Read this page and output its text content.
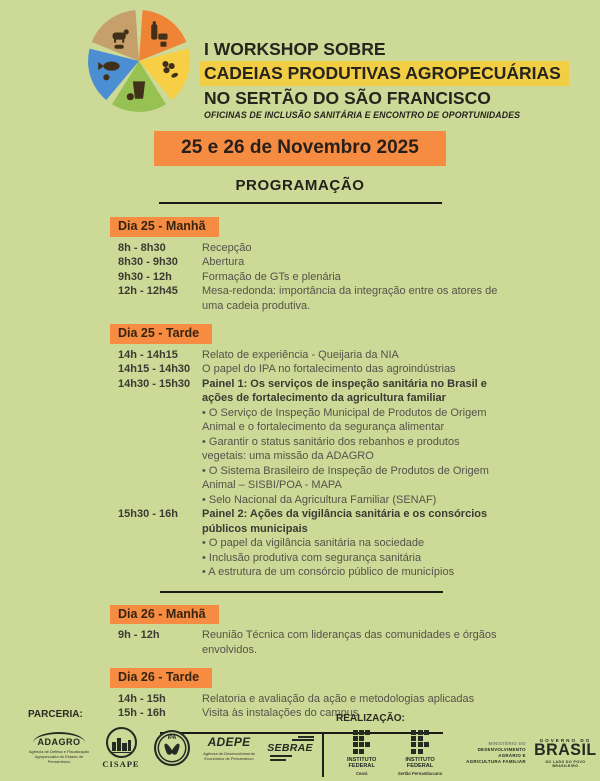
I WORKSHOP SOBRE
CADEIAS PRODUTIVAS AGROPECUÁRIAS
NO SERTÃO DO SÃO FRANCISCO
OFICINAS DE INCLUSÃO SANITÁRIA E ENCONTRO DE OPORTUNIDADES
25 e 26 de Novembro 2025
PROGRAMAÇÃO
Dia 25 - Manhã
8h - 8h30	Recepção
8h30 - 9h30	Abertura
9h30 - 12h	Formação de GTs e plenária
12h - 12h45	Mesa-redonda: importância da integração entre os atores de uma cadeia produtiva.
Dia 25 - Tarde
14h - 14h15	Relato de experiência - Queijaria da NIA
14h15 - 14h30	O papel do IPA no fortalecimento das agroindústrias
14h30 - 15h30	Painel 1: Os serviços de inspeção sanitária no Brasil e ações de fortalecimento da agricultura familiar
• O Serviço de Inspeção Municipal de Produtos de Origem Animal e o fortalecimento da segurança alimentar
• Garantir o status sanitário dos rebanhos e produtos vegetais: uma missão da ADAGRO
• O Sistema Brasileiro de Inspeção de Produtos de Origem Animal – SISBI/POA - MAPA
• Selo Nacional da Agricultura Familiar (SENAF)
15h30 - 16h	Painel 2: Ações da vigilância sanitária e os consórcios públicos municipais
• O papel da vigilância sanitária na sociedade
• Inclusão produtiva com segurança sanitária
• A estrutura de um consórcio público de municípios
Dia 26 - Manhã
9h - 12h	Reunião Técnica com lideranças das comunidades e órgãos envolvidos.
Dia 26 - Tarde
14h - 15h	Relatoria e avaliação da ação e metodologias aplicadas
15h - 16h	Visita às instalações do campus
PARCERIA:
ADAGRO
Agência de Defesa e Fiscalização Agropecuária do Estado de Pernambuco	CISAPE
IPA	ADEPE
Agência de Desenvolvimento Econômico de Pernambuco
SEBRAE
REALIZAÇÃO:
INSTITUTO FEDERAL
Ceará
INSTITUTO FEDERAL
Sertão Pernambucano
MINISTÉRIO DO
DESENVOLVIMENTO
AGRÁRIO E
AGRICULTURA FAMILIAR
GOVERNO DO
BRASIL
DO LADO DO POVO BRASILEIRO
